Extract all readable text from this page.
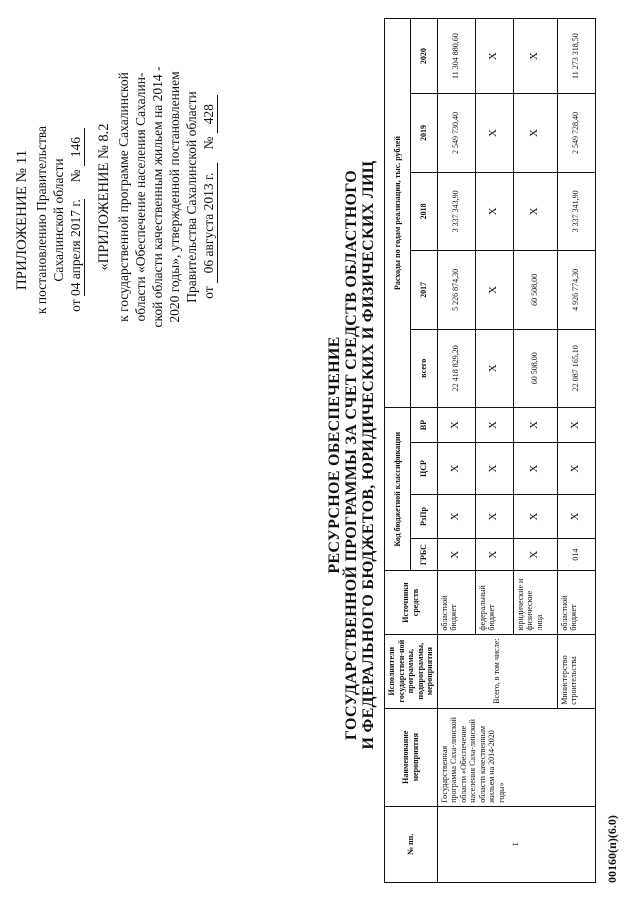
ПРИЛОЖЕНИЕ № 11 к постановлению Правительства Сахалинской области
от 04 апреля 2017 г.     № 146 «ПРИЛОЖЕНИЕ № 8.2 к государственной программе Сахалинской области «Обеспечение населения Сахалин- ской области качественным жильем на 2014 - 2020 годы», утвержденной постановлением Правительства Сахалинской области от 06 августа 2013 г.    № 428
РЕСУРСНОЕ ОБЕСПЕЧЕНИЕ ГОСУДАРСТВЕННОЙ ПРОГРАММЫ ЗА СЧЕТ СРЕДСТВ ОБЛАСТНОГО И ФЕДЕРАЛЬНОГО БЮДЖЕТОВ, ЮРИДИЧЕСКИХ И ФИЗИЧЕСКИХ ЛИЦ
№ пп.	Наименование мероприятия	Исполнители государствен-ной программы, подпрограммы, мероприятия	Источники средств	Код бюджетной классификации				Расходы по годам реализации, тыс. рублей				
				ГРБС	РзПр	ЦСР	ВР	всего	2017	2018	2019	2020
1	Государственная программа Саха-линской области «Обеспечение населения Саха-линской области качественным жильем на 2014-2020 годы»	Всего, в том числе:	областной бюджет	X	X	X	X	22 418 829,20	5 226 874,30	3 337 343,90	2 549 730,40	11 304 880,60
			федеральный бюджет	X	X	X	X	X	X	X	X	X
			юридические и физические лица	X	X	X	X	60 508,00	60 508,00	X	X	X
		Министерство строительства	областной бюджет	014	X	X	X	22 087 165,10	4 926 774,30	3 337 341,90	2 549 728,40	11 273 318,50
00160(п)(6.0)
